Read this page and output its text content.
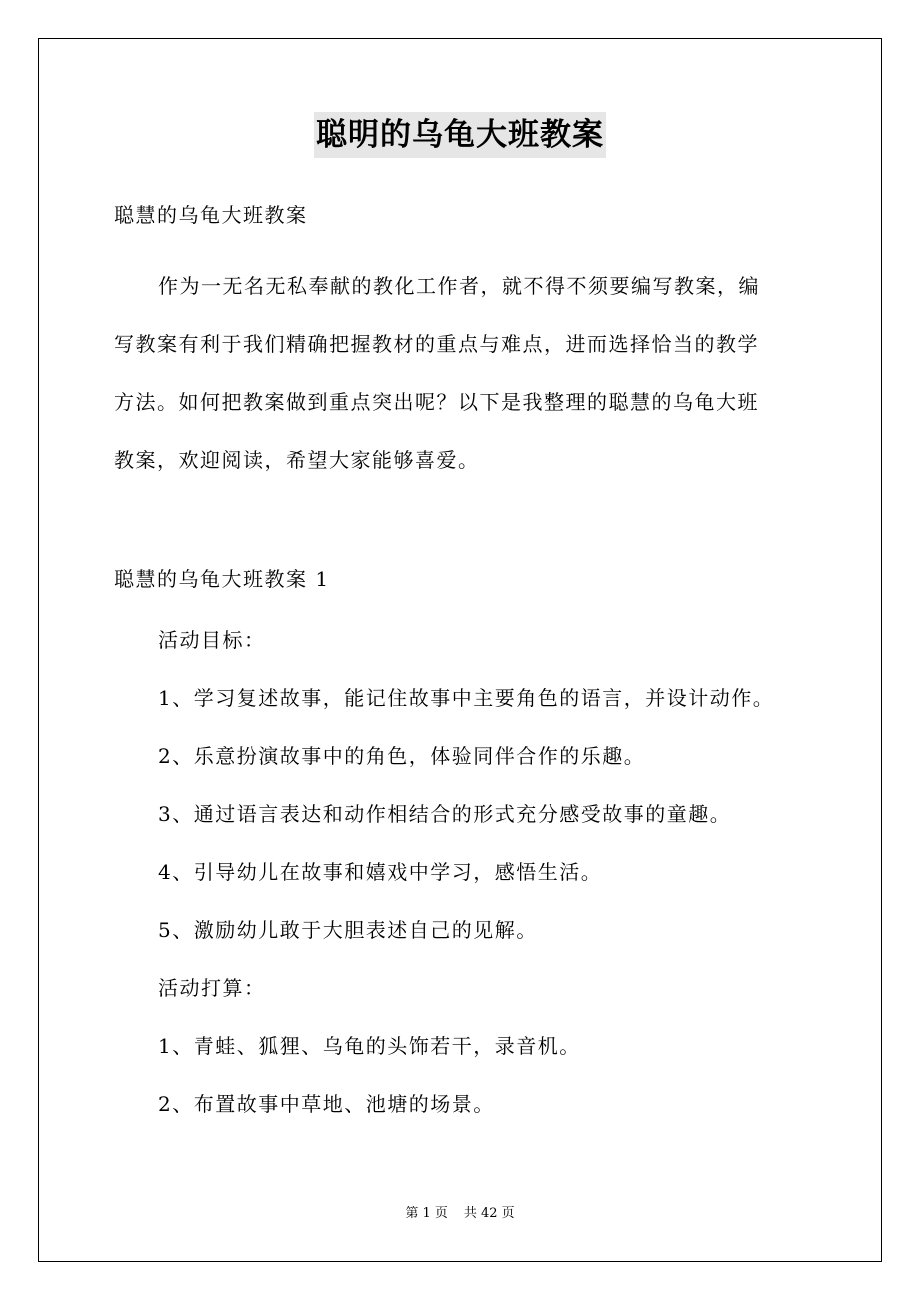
聪明的乌龟大班教案
聪慧的乌龟大班教案
作为一无名无私奉献的教化工作者，就不得不须要编写教案，编
写教案有利于我们精确把握教材的重点与难点，进而选择恰当的教学
方法。如何把教案做到重点突出呢？以下是我整理的聪慧的乌龟大班
教案，欢迎阅读，希望大家能够喜爱。
聪慧的乌龟大班教案 1
活动目标：
1、学习复述故事，能记住故事中主要角色的语言，并设计动作。
2、乐意扮演故事中的角色，体验同伴合作的乐趣。
3、通过语言表达和动作相结合的形式充分感受故事的童趣。
4、引导幼儿在故事和嬉戏中学习，感悟生活。
5、激励幼儿敢于大胆表述自己的见解。
活动打算：
1、青蛙、狐狸、乌龟的头饰若干，录音机。
2、布置故事中草地、池塘的场景。
第 1 页 共 42 页
